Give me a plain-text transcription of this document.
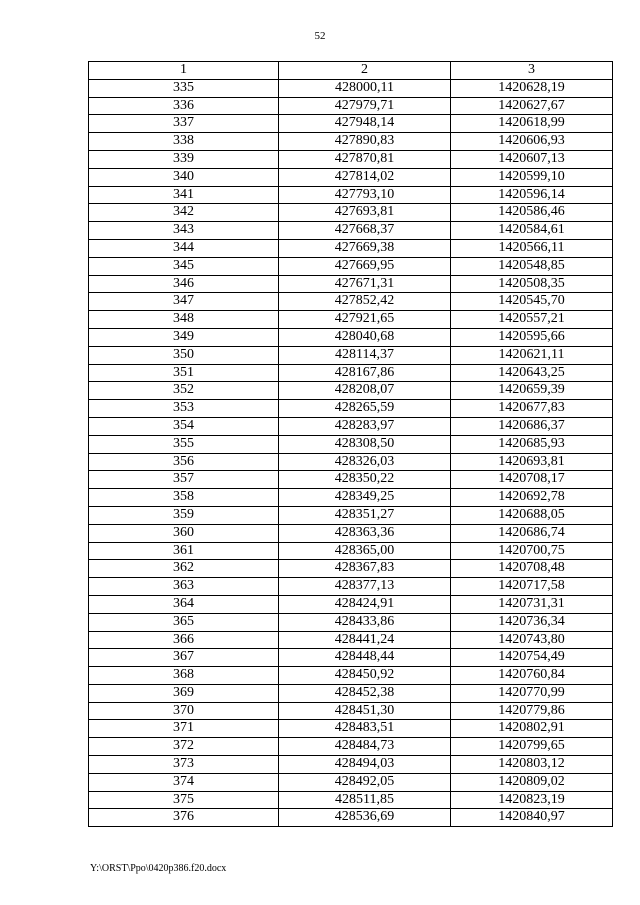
52
1	2	3
335	428000,11	1420628,19
336	427979,71	1420627,67
337	427948,14	1420618,99
338	427890,83	1420606,93
339	427870,81	1420607,13
340	427814,02	1420599,10
341	427793,10	1420596,14
342	427693,81	1420586,46
343	427668,37	1420584,61
344	427669,38	1420566,11
345	427669,95	1420548,85
346	427671,31	1420508,35
347	427852,42	1420545,70
348	427921,65	1420557,21
349	428040,68	1420595,66
350	428114,37	1420621,11
351	428167,86	1420643,25
352	428208,07	1420659,39
353	428265,59	1420677,83
354	428283,97	1420686,37
355	428308,50	1420685,93
356	428326,03	1420693,81
357	428350,22	1420708,17
358	428349,25	1420692,78
359	428351,27	1420688,05
360	428363,36	1420686,74
361	428365,00	1420700,75
362	428367,83	1420708,48
363	428377,13	1420717,58
364	428424,91	1420731,31
365	428433,86	1420736,34
366	428441,24	1420743,80
367	428448,44	1420754,49
368	428450,92	1420760,84
369	428452,38	1420770,99
370	428451,30	1420779,86
371	428483,51	1420802,91
372	428484,73	1420799,65
373	428494,03	1420803,12
374	428492,05	1420809,02
375	428511,85	1420823,19
376	428536,69	1420840,97
Y:\ORST\Ppo\0420p386.f20.docx
